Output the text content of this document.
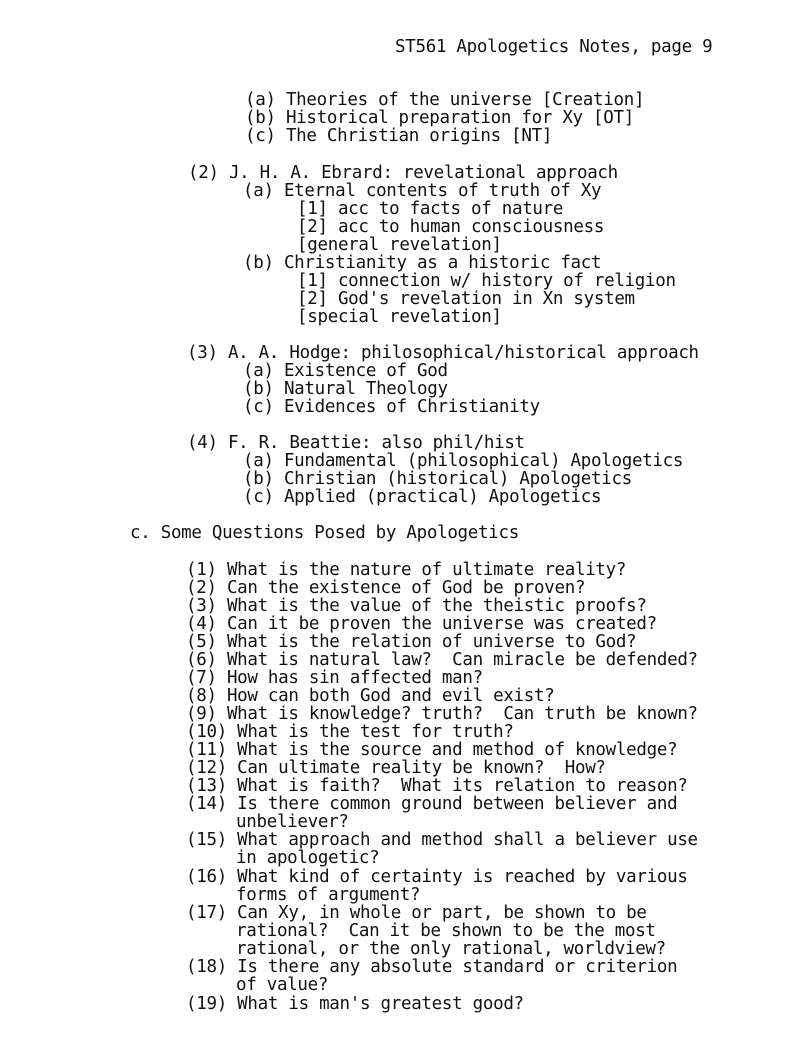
ST561 Apologetics Notes, page 9
(a) Theories of the universe [Creation]
(b) Historical preparation for Xy [OT]
(c) The Christian origins [NT]
(2) J. H. A. Ebrard: revelational approach
(a) Eternal contents of truth of Xy
[1] acc to facts of nature
[2] acc to human consciousness
[general revelation]
(b) Christianity as a historic fact
[1] connection w/ history of religion
[2] God's revelation in Xn system
[special revelation]
(3) A. A. Hodge: philosophical/historical approach
(a) Existence of God
(b) Natural Theology
(c) Evidences of Christianity
(4) F. R. Beattie: also phil/hist
(a) Fundamental (philosophical) Apologetics
(b) Christian (historical) Apologetics
(c) Applied (practical) Apologetics
c. Some Questions Posed by Apologetics
(1) What is the nature of ultimate reality?
(2) Can the existence of God be proven?
(3) What is the value of the theistic proofs?
(4) Can it be proven the universe was created?
(5) What is the relation of universe to God?
(6) What is natural law?  Can miracle be defended?
(7) How has sin affected man?
(8) How can both God and evil exist?
(9) What is knowledge? truth?  Can truth be known?
(10) What is the test for truth?
(11) What is the source and method of knowledge?
(12) Can ultimate reality be known?  How?
(13) What is faith?  What its relation to reason?
(14) Is there common ground between believer and
unbeliever?
(15) What approach and method shall a believer use
in apologetic?
(16) What kind of certainty is reached by various
forms of argument?
(17) Can Xy, in whole or part, be shown to be
rational?  Can it be shown to be the most
rational, or the only rational, worldview?
(18) Is there any absolute standard or criterion
of value?
(19) What is man's greatest good?
